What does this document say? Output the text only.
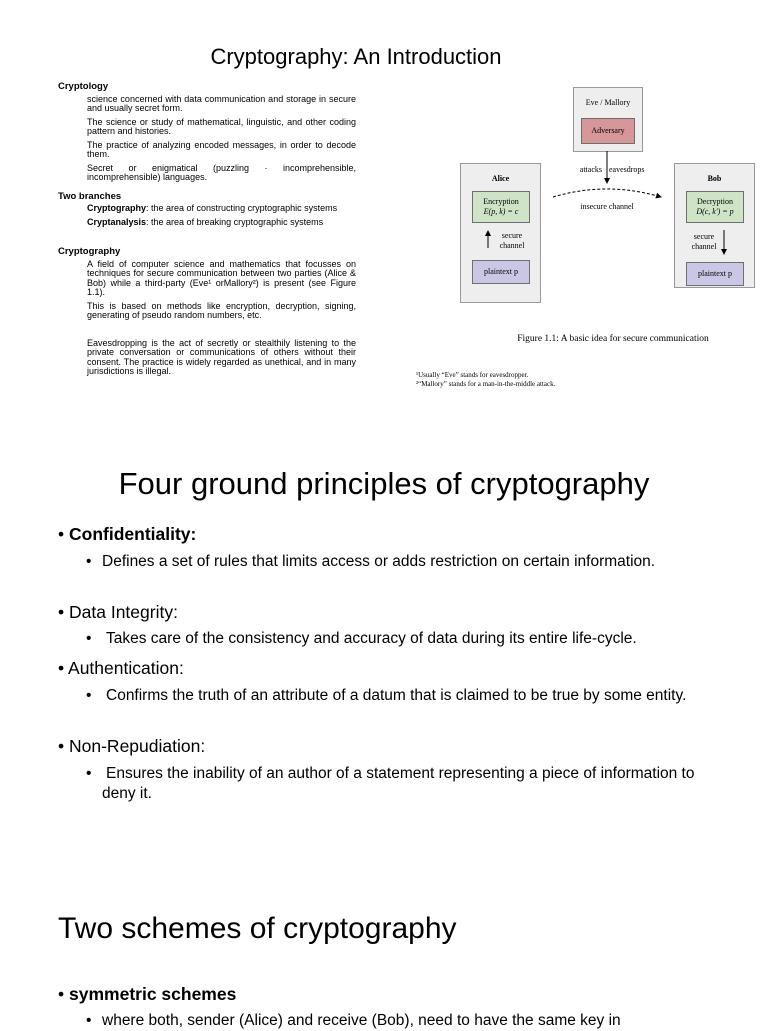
Cryptography: An Introduction
Cryptology
science concerned with data communication and storage in secure and usually secret form.
The science or study of mathematical, linguistic, and other coding pattern and histories.
The practice of analyzing encoded messages, in order to decode them.
Secret or enigmatical (puzzling · incomprehensible, incomprehensible) languages.
Two branches
Cryptography: the area of constructing cryptographic systems
Cryptanalysis: the area of breaking cryptographic systems
Cryptography
A field of computer science and mathematics that focusses on techniques for secure communication between two parties (Alice & Bob) while a third-party (Eve¹ orMallory²) is present (see Figure 1.1).
This is based on methods like encryption, decryption, signing, generating of pseudo random numbers, etc.
Eavesdropping is the act of secretly or stealthily listening to the private conversation or communications of others without their consent. The practice is widely regarded as unethical, and in many jurisdictions is illegal.
Eve / Mallory
Adversary
Alice
Encryption
E(p, k) = c
secure
channel
plaintext p
Bob
Decryption
D(c, k′) = p
secure
channel
plaintext p
attacks eavesdrops
insecure channel
Figure 1.1: A basic idea for secure communication
¹Usually “Eve” stands for eavesdropper.
²“Mallory” stands for a man-in-the-middle attack.
Four ground principles of cryptography
• Confidentiality:
• Defines a set of rules that limits access or adds restriction on certain information.
• Data Integrity:
• Takes care of the consistency and accuracy of data during its entire life-cycle.
• Authentication:
• Confirms the truth of an attribute of a datum that is claimed to be true by some entity.
• Non-Repudiation:
• Ensures the inability of an author of a statement representing a piece of information to deny it.
Two schemes of cryptography
• symmetric schemes
• where both, sender (Alice) and receive (Bob), need to have the same key in
